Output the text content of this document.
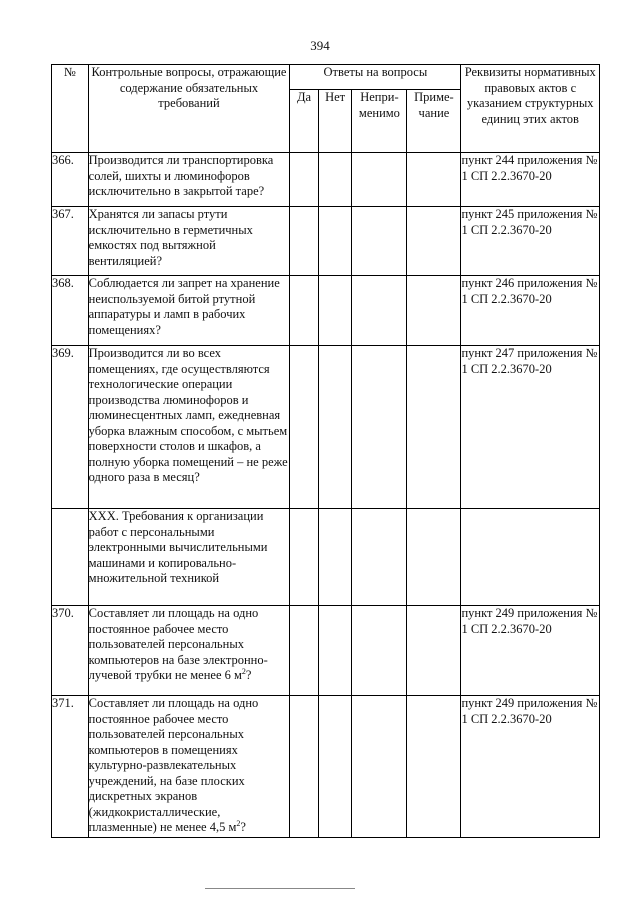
394
№	Контрольные вопросы, отражающие содержание обязательных требований	Ответы на вопросы				Реквизиты нормативных правовых актов с указанием структурных единиц этих актов
		Да	Нет	Непри-менимо	Приме-чание	
366.	Производится ли транспортировка солей, шихты и люминофоров исключительно в закрытой таре?					пункт 244 приложения № 1 СП 2.2.3670-20
367.	Хранятся ли запасы ртути исключительно в герметичных емкостях под вытяжной вентиляцией?					пункт 245 приложения № 1 СП 2.2.3670-20
368.	Соблюдается ли запрет на хранение неиспользуемой битой ртутной аппаратуры и ламп в рабочих помещениях?					пункт 246 приложения № 1 СП 2.2.3670-20
369.	Производится ли во всех помещениях, где осуществляются технологические операции производства люминофоров и люминесцентных ламп, ежедневная уборка влажным способом, с мытьем поверхности столов и шкафов, а полную уборка помещений – не реже одного раза в месяц?					пункт 247 приложения № 1 СП 2.2.3670-20
	XXX. Требования к организации работ с персональными электронными вычислительными машинами и копировально-множительной техникой					
370.	Составляет ли площадь на одно постоянное рабочее место пользователей персональных компьютеров на базе электронно-лучевой трубки не менее 6 $м^2$?					пункт 249 приложения № 1 СП 2.2.3670-20
371.	Составляет ли площадь на одно постоянное рабочее место пользователей персональных компьютеров в помещениях культурно-развлекательных учреждений, на базе плоских дискретных экранов (жидкокристаллические, плазменные) не менее 4,5 $м^2$?					пункт 249 приложения № 1 СП 2.2.3670-20
